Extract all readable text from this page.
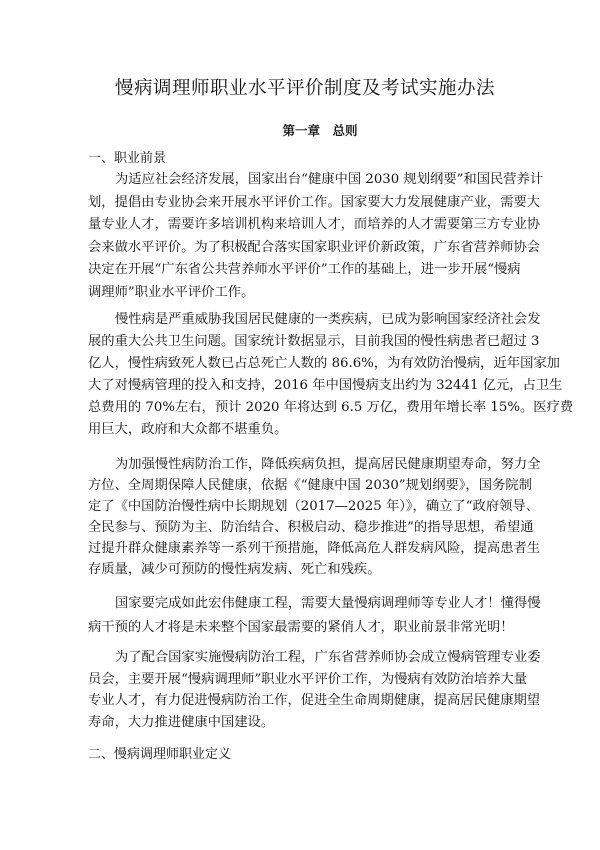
慢病调理师职业水平评价制度及考试实施办法
第一章　总则
一、职业前景
为适应社会经济发展，国家出台“健康中国 2030 规划纲要”和国民营养计
划，提倡由专业协会来开展水平评价工作。国家要大力发展健康产业，需要大
量专业人才，需要许多培训机构来培训人才，而培养的人才需要第三方专业协
会来做水平评价。为了积极配合落实国家职业评价新政策，广东省营养师协会
决定在开展“广东省公共营养师水平评价”工作的基础上，进一步开展“慢病
调理师”职业水平评价工作。
慢性病是严重威胁我国居民健康的一类疾病，已成为影响国家经济社会发
展的重大公共卫生问题。国家统计数据显示，目前我国的慢性病患者已超过 3
亿人，慢性病致死人数已占总死亡人数的 86.6%，为有效防治慢病，近年国家加
大了对慢病管理的投入和支持，2016 年中国慢病支出约为 32441 亿元，占卫生
总费用的 70%左右，预计 2020 年将达到 6.5 万亿，费用年增长率 15%。医疗费
用巨大，政府和大众都不堪重负。
为加强慢性病防治工作，降低疾病负担，提高居民健康期望寿命，努力全
方位、全周期保障人民健康，依据《“健康中国 2030”规划纲要》，国务院制
定了《中国防治慢性病中长期规划（2017—2025 年）》，确立了“政府领导、
全民参与、预防为主、防治结合、积极启动、稳步推进”的指导思想，希望通
过提升群众健康素养等一系列干预措施，降低高危人群发病风险，提高患者生
存质量，减少可预防的慢性病发病、死亡和残疾。
国家要完成如此宏伟健康工程，需要大量慢病调理师等专业人才！懂得慢
病干预的人才将是未来整个国家最需要的紧俏人才，职业前景非常光明！
为了配合国家实施慢病防治工程，广东省营养师协会成立慢病管理专业委
员会，主要开展“慢病调理师”职业水平评价工作，为慢病有效防治培养大量
专业人才，有力促进慢病防治工作，促进全生命周期健康，提高居民健康期望
寿命，大力推进健康中国建设。
二、慢病调理师职业定义
